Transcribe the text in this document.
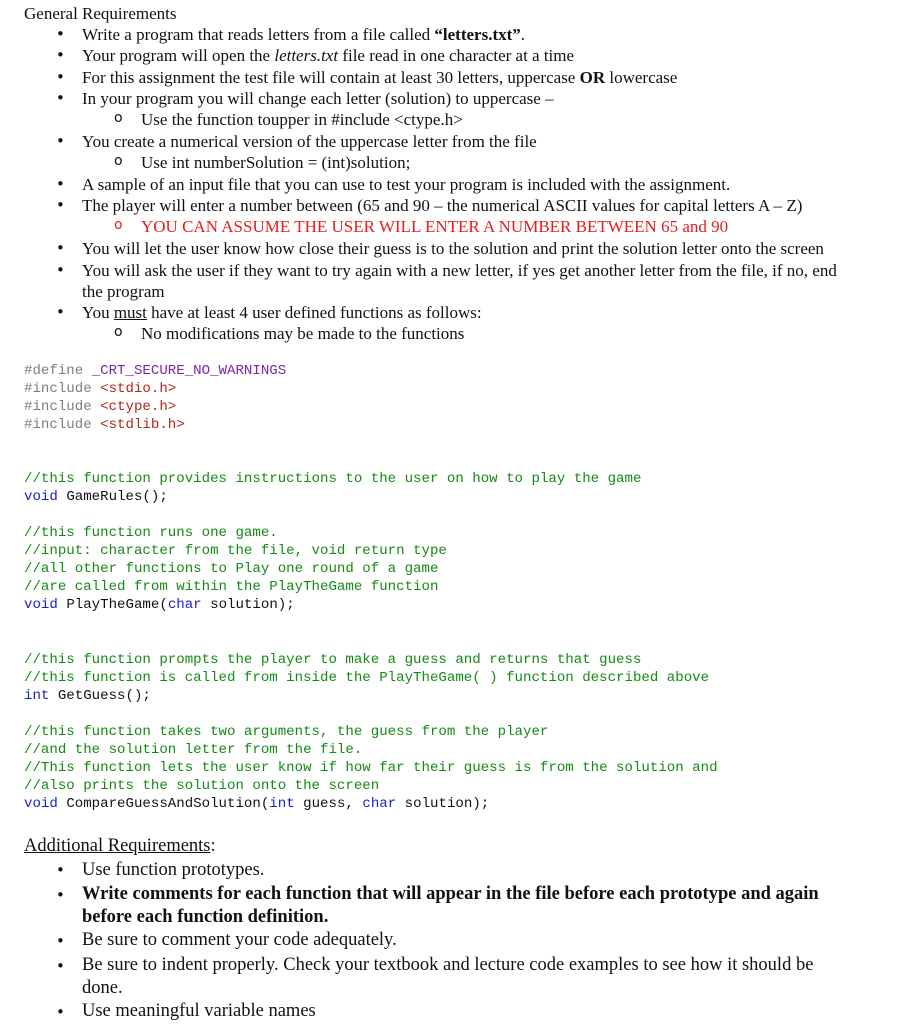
General Requirements
• Write a program that reads letters from a file called “letters.txt”.
• Your program will open the letters.txt file read in one character at a time
• For this assignment the test file will contain at least 30 letters, uppercase OR lowercase
• In your program you will change each letter (solution) to uppercase –
o Use the function toupper in #include <ctype.h>
• You create a numerical version of the uppercase letter from the file
o Use int numberSolution = (int)solution;
• A sample of an input file that you can use to test your program is included with the assignment.
• The player will enter a number between (65 and 90 – the numerical ASCII values for capital letters A – Z)
o YOU CAN ASSUME THE USER WILL ENTER A NUMBER BETWEEN 65 and 90
• You will let the user know how close their guess is to the solution and print the solution letter onto the screen
• You will ask the user if they want to try again with a new letter, if yes get another letter from the file, if no, end
the program
• You must have at least 4 user defined functions as follows:
o No modifications may be made to the functions
#define _CRT_SECURE_NO_WARNINGS
#include <stdio.h>
#include <ctype.h>
#include <stdlib.h>
//this function provides instructions to the user on how to play the game
void GameRules();
//this function runs one game.
//input: character from the file, void return type
//all other functions to Play one round of a game
//are called from within the PlayTheGame function
void PlayTheGame(char solution);
//this function prompts the player to make a guess and returns that guess
//this function is called from inside the PlayTheGame( ) function described above
int GetGuess();
//this function takes two arguments, the guess from the player
//and the solution letter from the file.
//This function lets the user know if how far their guess is from the solution and
//also prints the solution onto the screen
void CompareGuessAndSolution(int guess, char solution);
Additional Requirements:
• Use function prototypes.
• Write comments for each function that will appear in the file before each prototype and again
before each function definition.
• Be sure to comment your code adequately.
• Be sure to indent properly. Check your textbook and lecture code examples to see how it should be
done.
• Use meaningful variable names
